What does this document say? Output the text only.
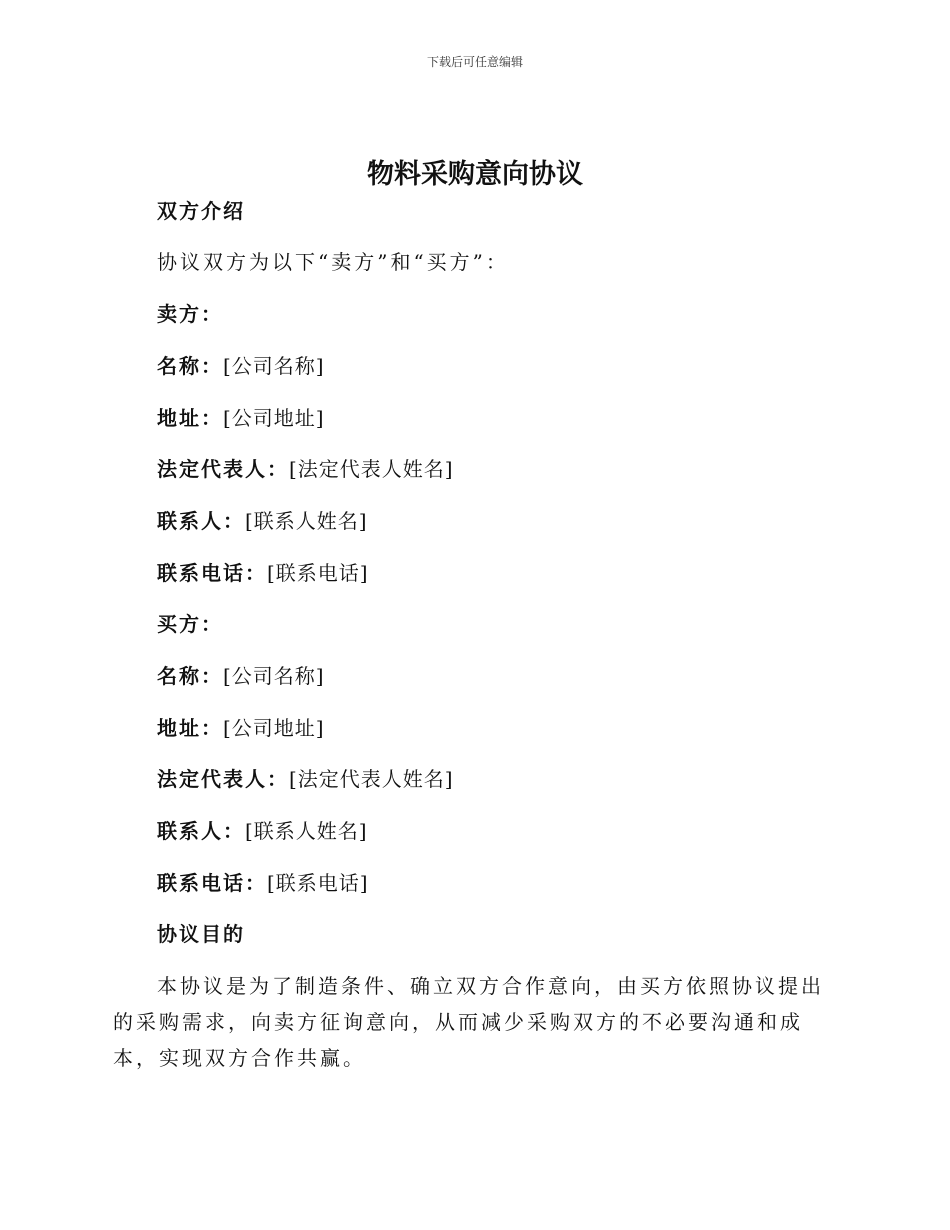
下载后可任意编辑
物料采购意向协议
双方介绍
协议双方为以下“卖方”和“买方”：
卖方：
名称：[公司名称]
地址：[公司地址]
法定代表人：[法定代表人姓名]
联系人：[联系人姓名]
联系电话：[联系电话]
买方：
名称：[公司名称]
地址：[公司地址]
法定代表人：[法定代表人姓名]
联系人：[联系人姓名]
联系电话：[联系电话]
协议目的
本协议是为了制造条件、确立双方合作意向，由买方依照协议提出的采购需求，向卖方征询意向，从而减少采购双方的不必要沟通和成本，实现双方合作共赢。
